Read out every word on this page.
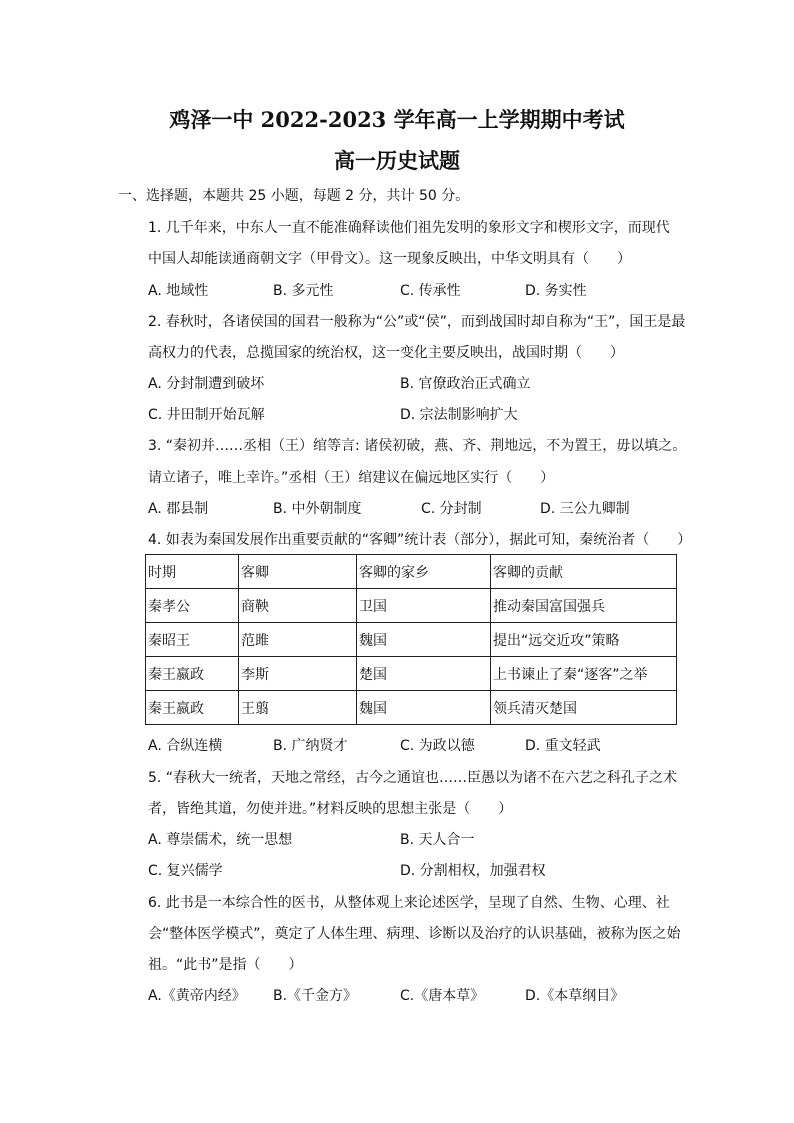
鸡泽一中 2022-2023 学年高一上学期期中考试
高一历史试题
一、选择题，本题共 25 小题，每题 2 分，共计 50 分。
1. 几千年来，中东人一直不能准确释读他们祖先发明的象形文字和楔形文字，而现代
中国人却能读通商朝文字（甲骨文）。这一现象反映出，中华文明具有（　　）
A. 地域性	B. 多元性	C. 传承性	D. 务实性
2. 春秋时，各诸侯国的国君一般称为“公”或“侯”，而到战国时却自称为“王”，国王是最
高权力的代表，总揽国家的统治权，这一变化主要反映出，战国时期（　　）
A. 分封制遭到破坏	B. 官僚政治正式确立
C. 井田制开始瓦解	D. 宗法制影响扩大
3. “秦初并……丞相（王）绾等言: 诸侯初破，燕、齐、荆地远，不为置王，毋以填之。
请立诸子，唯上幸许。”丞相（王）绾建议在偏远地区实行（　　）
A. 郡县制	B. 中外朝制度	C. 分封制	D. 三公九卿制
4. 如表为秦国发展作出重要贡献的“客卿”统计表（部分），据此可知，秦统治者（　　）
时期	客卿	客卿的家乡	客卿的贡献
秦孝公	商鞅	卫国	推动秦国富国强兵
秦昭王	范雎	魏国	提出“远交近攻”策略
秦王嬴政	李斯	楚国	上书谏止了秦“逐客”之举
秦王嬴政	王翦	魏国	领兵清灭楚国
A. 合纵连横	B. 广纳贤才	C. 为政以德	D. 重文轻武
5. “春秋大一统者，天地之常经，古今之通谊也……臣愚以为诸不在六艺之科孔子之术
者，皆绝其道，勿使并进。”材料反映的思想主张是（　　）
A. 尊崇儒术，统一思想	B. 天人合一
C. 复兴儒学	D. 分割相权，加强君权
6. 此书是一本综合性的医书，从整体观上来论述医学，呈现了自然、生物、心理、社
会“整体医学模式”，奠定了人体生理、病理、诊断以及治疗的认识基础，被称为医之始
祖。“此书”是指（　　）
A.《黄帝内经》 B.《千金方》	C.《唐本草》	D.《本草纲目》
